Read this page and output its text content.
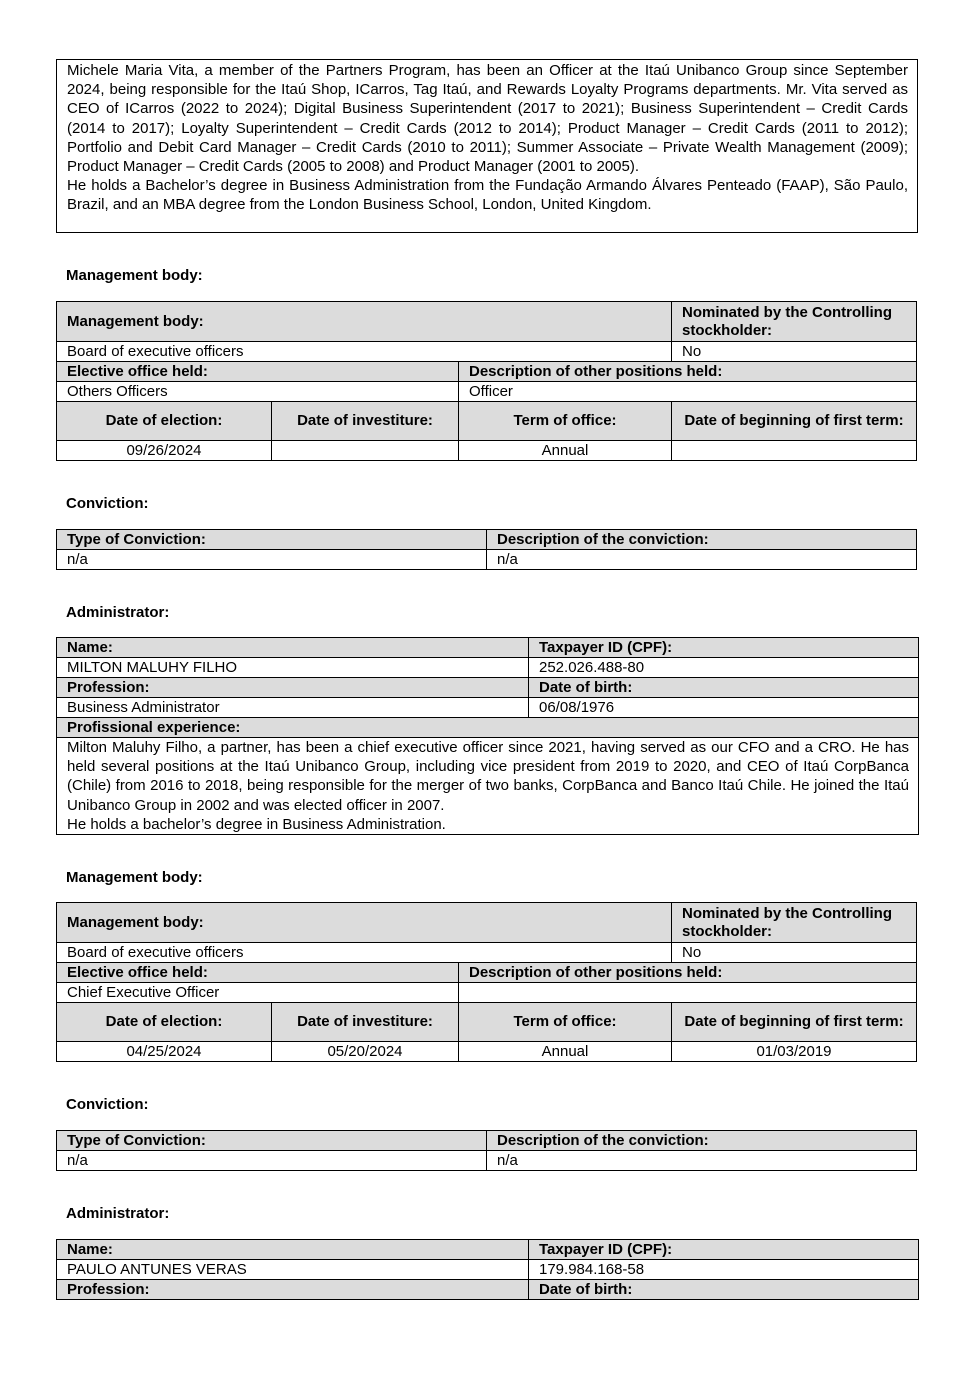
Michele Maria Vita, a member of the Partners Program, has been an Officer at the Itaú Unibanco Group since September 2024, being responsible for the Itaú Shop, ICarros, Tag Itaú, and Rewards Loyalty Programs departments. Mr. Vita served as CEO of ICarros (2022 to 2024); Digital Business Superintendent (2017 to 2021); Business Superintendent – Credit Cards (2014 to 2017); Loyalty Superintendent – Credit Cards (2012 to 2014); Product Manager – Credit Cards (2011 to 2012); Portfolio and Debit Card Manager – Credit Cards (2010 to 2011); Summer Associate – Private Wealth Management (2009); Product Manager – Credit Cards (2005 to 2008) and Product Manager (2001 to 2005).

He holds a Bachelor’s degree in Business Administration from the Fundação Armando Álvares Penteado (FAAP), São Paulo, Brazil, and an MBA degree from the London Business School, London, United Kingdom.

Management body:
Management body:			Nominated by the Controlling stockholder:
Board of executive officers			No
Elective office held:		Description of other positions held:	
Others Officers		Officer	
Date of election:	Date of investiture:	Term of office:	Date of beginning of first term:
09/26/2024		Annual	
Conviction:
Type of Conviction:	Description of the conviction:
n/a	n/a
Administrator:
Name:	Taxpayer ID (CPF):
MILTON MALUHY FILHO	252.026.488-80
Profession:	Date of birth:
Business Administrator	06/08/1976
Profissional experience:	

Milton Maluhy Filho, a partner, has been a chief executive officer since 2021, having served as our CFO and a CRO. He has held several positions at the Itaú Unibanco Group, including vice president from 2019 to 2020, and CEO of Itaú CorpBanca (Chile) from 2016 to 2018, being responsible for the merger of two banks, CorpBanca and Banco Itaú Chile. He joined the Itaú Unibanco Group in 2002 and was elected officer in 2007.
He holds a bachelor’s degree in Business Administration.	
Management body:
Management body:			Nominated by the Controlling stockholder:
Board of executive officers			No
Elective office held:		Description of other positions held:	
Chief Executive Officer			
Date of election:	Date of investiture:	Term of office:	Date of beginning of first term:
04/25/2024	05/20/2024	Annual	01/03/2019
Conviction:
Type of Conviction:	Description of the conviction:
n/a	n/a
Administrator:
Name:	Taxpayer ID (CPF):
PAULO ANTUNES VERAS	179.984.168-58
Profession:	Date of birth:
